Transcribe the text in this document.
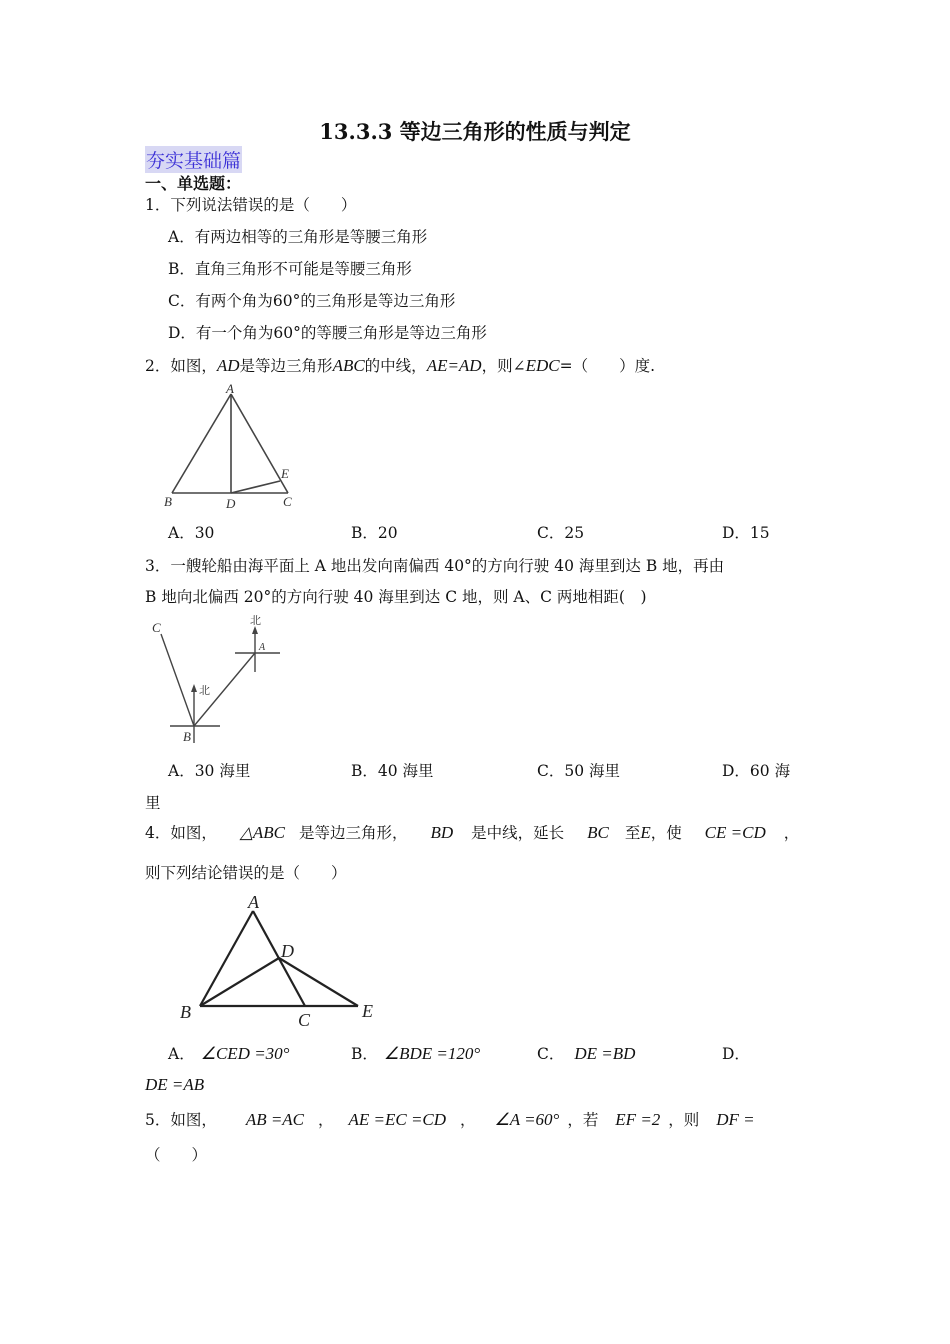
13.3.3 等边三角形的性质与判定
夯实基础篇
一、单选题：
1．下列说法错误的是（　　）
A．有两边相等的三角形是等腰三角形
B．直角三角形不可能是等腰三角形
C．有两个角为60°的三角形是等边三角形
D．有一个角为60°的等腰三角形是等边三角形
2．如图，AD是等边三角形ABC的中线，AE=AD，则∠EDC=（　　）度.
A
B	D	C
E
A．30	B．20	C．25	D．15
3．一艘轮船由海平面上 A 地出发向南偏西 40°的方向行驶 40 海里到达 B 地，再由
B 地向北偏西 20°的方向行驶 40 海里到达 C 地，则 A、C 两地相距(　)
C	北
A
北
B
A．30 海里	B．40 海里	C．50 海里	D．60 海
里
4．如图， △ABC 是等边三角形， BD 是中线，延长 BC 至E，使 CE =CD ，
则下列结论错误的是（　　）
A
D
B	C	E
A． ∠CED =30°	B． ∠BDE =120°	C． DE =BD	D．
DE =AB
5．如图， AB =AC ， AE =EC =CD ， ∠A =60° ，若 EF =2 ，则 DF =
（　　）
